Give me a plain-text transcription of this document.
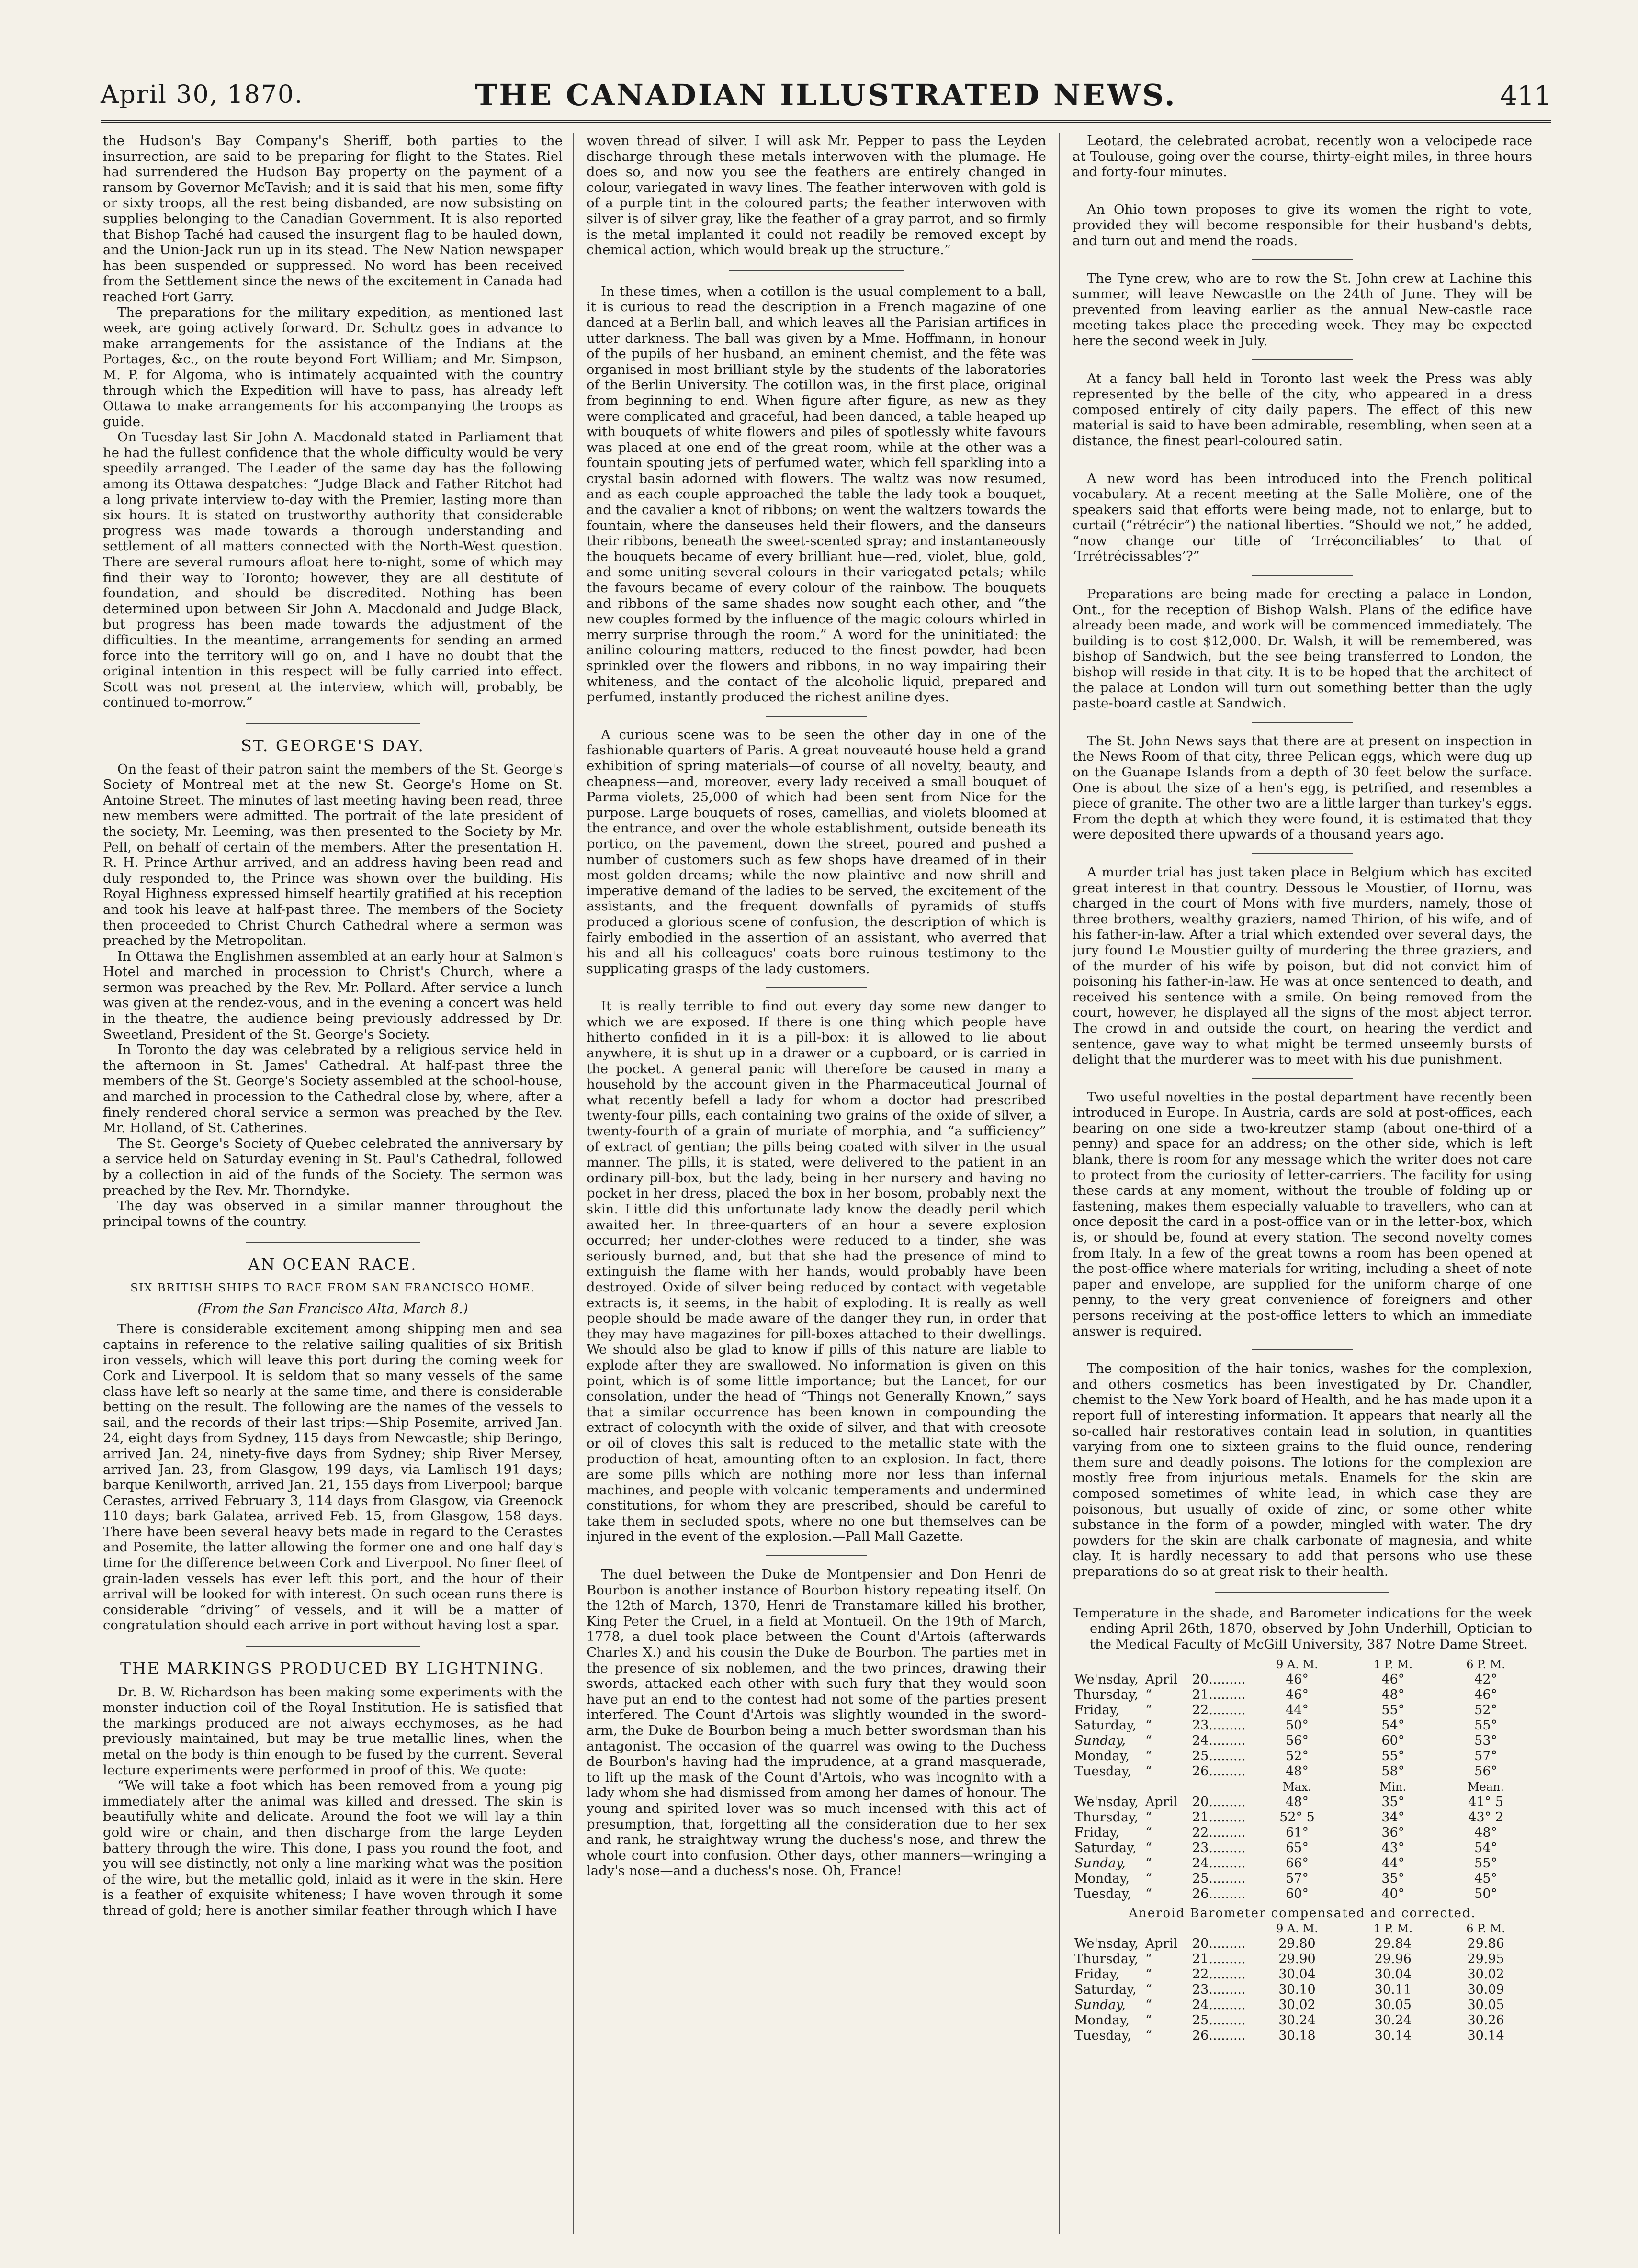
April 30, 1870.	THE CANADIAN ILLUSTRATED NEWS.	411

the Hudson's Bay Company's Sheriff, both parties to the insurrection, are said to be preparing for flight to the States. Riel had surrendered the Hudson Bay property on the payment of a ransom by Governor McTavish; and it is said that his men, some fifty or sixty troops, all the rest being disbanded, are now subsisting on supplies belonging to the Canadian Government. It is also reported that Bishop Taché had caused the insurgent flag to be hauled down, and the Union-Jack run up in its stead. The New Nation newspaper has been suspended or suppressed. No word has been received from the Settlement since the news of the excitement in Canada had reached Fort Garry.

The preparations for the military expedition, as mentioned last week, are going actively forward. Dr. Schultz goes in advance to make arrangements for the assistance of the Indians at the Portages, &c., on the route beyond Fort William; and Mr. Simpson, M. P. for Algoma, who is intimately acquainted with the country through which the Expedition will have to pass, has already left Ottawa to make arrangements for his accompanying the troops as guide.

On Tuesday last Sir John A. Macdonald stated in Parliament that he had the fullest confidence that the whole difficulty would be very speedily arranged. The Leader of the same day has the following among its Ottawa despatches: “Judge Black and Father Ritchot had a long private interview to-day with the Premier, lasting more than six hours. It is stated on trustworthy authority that considerable progress was made towards a thorough understanding and settlement of all matters connected with the North-West question. There are several rumours afloat here to-night, some of which may find their way to Toronto; however, they are all destitute of foundation, and should be discredited. Nothing has been determined upon between Sir John A. Macdonald and Judge Black, but progress has been made towards the adjustment of the difficulties. In the meantime, arrangements for sending an armed force into the territory will go on, and I have no doubt that the original intention in this respect will be fully carried into effect. Scott was not present at the interview, which will, probably, be continued to-morrow.”

ST. GEORGE'S DAY.

On the feast of their patron saint the members of the St. George's Society of Montreal met at the new St. George's Home on St. Antoine Street. The minutes of last meeting having been read, three new members were admitted. The portrait of the late president of the society, Mr. Leeming, was then presented to the Society by Mr. Pell, on behalf of certain of the members. After the presentation H. R. H. Prince Arthur arrived, and an address having been read and duly responded to, the Prince was shown over the building. His Royal Highness expressed himself heartily gratified at his reception and took his leave at half-past three. The members of the Society then proceeded to Christ Church Cathedral where a sermon was preached by the Metropolitan.

In Ottawa the Englishmen assembled at an early hour at Salmon's Hotel and marched in procession to Christ's Church, where a sermon was preached by the Rev. Mr. Pollard. After service a lunch was given at the rendez-vous, and in the evening a concert was held in the theatre, the audience being previously addressed by Dr. Sweetland, President of the St. George's Society.

In Toronto the day was celebrated by a religious service held in the afternoon in St. James' Cathedral. At half-past three the members of the St. George's Society assembled at the school-house, and marched in procession to the Cathedral close by, where, after a finely rendered choral service a sermon was preached by the Rev. Mr. Holland, of St. Catherines.

The St. George's Society of Quebec celebrated the anniversary by a service held on Saturday evening in St. Paul's Cathedral, followed by a collection in aid of the funds of the Society. The sermon was preached by the Rev. Mr. Thorndyke.

The day was observed in a similar manner throughout the principal towns of the country.

AN OCEAN RACE.
SIX BRITISH SHIPS TO RACE FROM SAN FRANCISCO HOME.
(From the San Francisco Alta, March 8.)

There is considerable excitement among shipping men and sea captains in reference to the relative sailing qualities of six British iron vessels, which will leave this port during the coming week for Cork and Liverpool. It is seldom that so many vessels of the same class have left so nearly at the same time, and there is considerable betting on the result. The following are the names of the vessels to sail, and the records of their last trips:—Ship Posemite, arrived Jan. 24, eight days from Sydney, 115 days from Newcastle; ship Beringo, arrived Jan. 24, ninety-five days from Sydney; ship River Mersey, arrived Jan. 23, from Glasgow, 199 days, via Lamlisch 191 days; barque Kenilworth, arrived Jan. 21, 155 days from Liverpool; barque Cerastes, arrived February 3, 114 days from Glasgow, via Greenock 110 days; bark Galatea, arrived Feb. 15, from Glasgow, 158 days. There have been several heavy bets made in regard to the Cerastes and Posemite, the latter allowing the former one and one half day's time for the difference between Cork and Liverpool. No finer fleet of grain-laden vessels has ever left this port, and the hour of their arrival will be looked for with interest. On such ocean runs there is considerable “driving” of vessels, and it will be a matter of congratulation should each arrive in port without having lost a spar.

THE MARKINGS PRODUCED BY LIGHTNING.

Dr. B. W. Richardson has been making some experiments with the monster induction coil of the Royal Institution. He is satisfied that the markings produced are not always ecchymoses, as he had previously maintained, but may be true metallic lines, when the metal on the body is thin enough to be fused by the current. Several lecture experiments were performed in proof of this. We quote:

“We will take a foot which has been removed from a young pig immediately after the animal was killed and dressed. The skin is beautifully white and delicate. Around the foot we will lay a thin gold wire or chain, and then discharge from the large Leyden battery through the wire. This done, I pass you round the foot, and you will see distinctly, not only a line marking what was the position of the wire, but the metallic gold, inlaid as it were in the skin. Here is a feather of exquisite whiteness; I have woven through it some thread of gold; here is another similar feather through which I have

woven thread of silver. I will ask Mr. Pepper to pass the Leyden discharge through these metals interwoven with the plumage. He does so, and now you see the feathers are entirely changed in colour, variegated in wavy lines. The feather interwoven with gold is of a purple tint in the coloured parts; the feather interwoven with silver is of silver gray, like the feather of a gray parrot, and so firmly is the metal implanted it could not readily be removed except by chemical action, which would break up the structure.”

In these times, when a cotillon is the usual complement to a ball, it is curious to read the description in a French magazine of one danced at a Berlin ball, and which leaves all the Parisian artifices in utter darkness. The ball was given by a Mme. Hoffmann, in honour of the pupils of her husband, an eminent chemist, and the fête was organised in most brilliant style by the students of the laboratories of the Berlin University. The cotillon was, in the first place, original from beginning to end. When figure after figure, as new as they were complicated and graceful, had been danced, a table heaped up with bouquets of white flowers and piles of spotlessly white favours was placed at one end of the great room, while at the other was a fountain spouting jets of perfumed water, which fell sparkling into a crystal basin adorned with flowers. The waltz was now resumed, and as each couple approached the table the lady took a bouquet, and the cavalier a knot of ribbons; on went the waltzers towards the fountain, where the danseuses held their flowers, and the danseurs their ribbons, beneath the sweet-scented spray; and instantaneously the bouquets became of every brilliant hue—red, violet, blue, gold, and some uniting several colours in their variegated petals; while the favours became of every colour of the rainbow. The bouquets and ribbons of the same shades now sought each other, and “the new couples formed by the influence of the magic colours whirled in merry surprise through the room.” A word for the uninitiated: the aniline colouring matters, reduced to the finest powder, had been sprinkled over the flowers and ribbons, in no way impairing their whiteness, and the contact of the alcoholic liquid, prepared and perfumed, instantly produced the richest aniline dyes.

A curious scene was to be seen the other day in one of the fashionable quarters of Paris. A great nouveauté house held a grand exhibition of spring materials—of course of all novelty, beauty, and cheapness—and, moreover, every lady received a small bouquet of Parma violets, 25,000 of which had been sent from Nice for the purpose. Large bouquets of roses, camellias, and violets bloomed at the entrance, and over the whole establishment, outside beneath its portico, on the pavement, down the street, poured and pushed a number of customers such as few shops have dreamed of in their most golden dreams; while the now plaintive and now shrill and imperative demand of the ladies to be served, the excitement of the assistants, and the frequent downfalls of pyramids of stuffs produced a glorious scene of confusion, the description of which is fairly embodied in the assertion of an assistant, who averred that his and all his colleagues' coats bore ruinous testimony to the supplicating grasps of the lady customers.

It is really terrible to find out every day some new danger to which we are exposed. If there is one thing which people have hitherto confided in it is a pill-box: it is allowed to lie about anywhere, it is shut up in a drawer or a cupboard, or is carried in the pocket. A general panic will therefore be caused in many a household by the account given in the Pharmaceutical Journal of what recently befell a lady for whom a doctor had prescribed twenty-four pills, each containing two grains of the oxide of silver, a twenty-fourth of a grain of muriate of morphia, and “a sufficiency” of extract of gentian; the pills being coated with silver in the usual manner. The pills, it is stated, were delivered to the patient in an ordinary pill-box, but the lady, being in her nursery and having no pocket in her dress, placed the box in her bosom, probably next the skin. Little did this unfortunate lady know the deadly peril which awaited her. In three-quarters of an hour a severe explosion occurred; her under-clothes were reduced to a tinder, she was seriously burned, and, but that she had the presence of mind to extinguish the flame with her hands, would probably have been destroyed. Oxide of silver being reduced by contact with vegetable extracts is, it seems, in the habit of exploding. It is really as well people should be made aware of the danger they run, in order that they may have magazines for pill-boxes attached to their dwellings. We should also be glad to know if pills of this nature are liable to explode after they are swallowed. No information is given on this point, which is of some little importance; but the Lancet, for our consolation, under the head of “Things not Generally Known,” says that a similar occurrence has been known in compounding the extract of colocynth with the oxide of silver, and that with creosote or oil of cloves this salt is reduced to the metallic state with the production of heat, amounting often to an explosion. In fact, there are some pills which are nothing more nor less than infernal machines, and people with volcanic temperaments and undermined constitutions, for whom they are prescribed, should be careful to take them in secluded spots, where no one but themselves can be injured in the event of the explosion.—Pall Mall Gazette.

The duel between the Duke de Montpensier and Don Henri de Bourbon is another instance of Bourbon history repeating itself. On the 12th of March, 1370, Henri de Transtamare killed his brother, King Peter the Cruel, in a field at Montueil. On the 19th of March, 1778, a duel took place between the Count d'Artois (afterwards Charles X.) and his cousin the Duke de Bourbon. The parties met in the presence of six noblemen, and the two princes, drawing their swords, attacked each other with such fury that they would soon have put an end to the contest had not some of the parties present interfered. The Count d'Artois was slightly wounded in the sword-arm, the Duke de Bourbon being a much better swordsman than his antagonist. The occasion of the quarrel was owing to the Duchess de Bourbon's having had the imprudence, at a grand masquerade, to lift up the mask of the Count d'Artois, who was incognito with a lady whom she had dismissed from among her dames of honour. The young and spirited lover was so much incensed with this act of presumption, that, forgetting all the consideration due to her sex and rank, he straightway wrung the duchess's nose, and threw the whole court into confusion. Other days, other manners—wringing a lady's nose—and a duchess's nose. Oh, France!

Leotard, the celebrated acrobat, recently won a velocipede race at Toulouse, going over the course, thirty-eight miles, in three hours and forty-four minutes.

An Ohio town proposes to give its women the right to vote, provided they will become responsible for their husband's debts, and turn out and mend the roads.

The Tyne crew, who are to row the St. John crew at Lachine this summer, will leave Newcastle on the 24th of June. They will be prevented from leaving earlier as the annual New-castle race meeting takes place the preceding week. They may be expected here the second week in July.

At a fancy ball held in Toronto last week the Press was ably represented by the belle of the city, who appeared in a dress composed entirely of city daily papers. The effect of this new material is said to have been admirable, resembling, when seen at a distance, the finest pearl-coloured satin.

A new word has been introduced into the French political vocabulary. At a recent meeting at the Salle Molière, one of the speakers said that efforts were being made, not to enlarge, but to curtail (“rétrécir”) the national liberties. “Should we not,” he added, “now change our title of ‘Irréconciliables’ to that of ‘Irrétrécissables’?”

Preparations are being made for erecting a palace in London, Ont., for the reception of Bishop Walsh. Plans of the edifice have already been made, and work will be commenced immediately. The building is to cost $12,000. Dr. Walsh, it will be remembered, was bishop of Sandwich, but the see being transferred to London, the bishop will reside in that city. It is to be hoped that the architect of the palace at London will turn out something better than the ugly paste-board castle at Sandwich.

The St. John News says that there are at present on inspection in the News Room of that city, three Pelican eggs, which were dug up on the Guanape Islands from a depth of 30 feet below the surface. One is about the size of a hen's egg, is petrified, and resembles a piece of granite. The other two are a little larger than turkey's eggs. From the depth at which they were found, it is estimated that they were deposited there upwards of a thousand years ago.

A murder trial has just taken place in Belgium which has excited great interest in that country. Dessous le Moustier, of Hornu, was charged in the court of Mons with five murders, namely, those of three brothers, wealthy graziers, named Thirion, of his wife, and of his father-in-law. After a trial which extended over several days, the jury found Le Moustier guilty of murdering the three graziers, and of the murder of his wife by poison, but did not convict him of poisoning his father-in-law. He was at once sentenced to death, and received his sentence with a smile. On being removed from the court, however, he displayed all the signs of the most abject terror. The crowd in and outside the court, on hearing the verdict and sentence, gave way to what might be termed unseemly bursts of delight that the murderer was to meet with his due punishment.

Two useful novelties in the postal department have recently been introduced in Europe. In Austria, cards are sold at post-offices, each bearing on one side a two-kreutzer stamp (about one-third of a penny) and space for an address; on the other side, which is left blank, there is room for any message which the writer does not care to protect from the curiosity of letter-carriers. The facility for using these cards at any moment, without the trouble of folding up or fastening, makes them especially valuable to travellers, who can at once deposit the card in a post-office van or in the letter-box, which is, or should be, found at every station. The second novelty comes from Italy. In a few of the great towns a room has been opened at the post-office where materials for writing, including a sheet of note paper and envelope, are supplied for the uniform charge of one penny, to the very great convenience of foreigners and other persons receiving at the post-office letters to which an immediate answer is required.

The composition of the hair tonics, washes for the complexion, and others cosmetics has been investigated by Dr. Chandler, chemist to the New York board of Health, and he has made upon it a report full of interesting information. It appears that nearly all the so-called hair restoratives contain lead in solution, in quantities varying from one to sixteen grains to the fluid ounce, rendering them sure and deadly poisons. The lotions for the complexion are mostly free from injurious metals. Enamels for the skin are composed sometimes of white lead, in which case they are poisonous, but usually of oxide of zinc, or some other white substance in the form of a powder, mingled with water. The dry powders for the skin are chalk carbonate of magnesia, and white clay. It is hardly necessary to add that persons who use these preparations do so at great risk to their health.

Temperature in the shade, and Barometer indications for the week ending April 26th, 1870, observed by John Underhill, Optician to the Medical Faculty of McGill University, 387 Notre Dame Street.

			9 A. M.	1 P. M.	6 P. M.
We'nsday,	April	20.........	46°	46°	42°
Thursday,	“	21.........	46°	48°	46°
Friday,	“	22.........	44°	55°	52°
Saturday,	“	23.........	50°	54°	55°
Sunday,	“	24.........	56°	60°	53°
Monday,	“	25.........	52°	55°	57°
Tuesday,	“	26.........	48°	58°	56°
			Max.	Min.	Mean.
We'nsday,	April	20.........	48°	35°	41° 5
Thursday,	“	21.........	52° 5	34°	43° 2
Friday,	“	22.........	61°	36°	48°
Saturday,	“	23.........	65°	43°	54°
Sunday,	“	24.........	66°	44°	55°
Monday,	“	25.........	57°	35°	45°
Tuesday,	“	26.........	60°	40°	50°
Aneroid Barometer compensated and corrected.					
			9 A. M.	1 P. M.	6 P. M.
We'nsday,	April	20.........	29.80	29.84	29.86
Thursday,	“	21.........	29.90	29.96	29.95
Friday,	“	22.........	30.04	30.04	30.02
Saturday,	“	23.........	30.10	30.11	30.09
Sunday,	“	24.........	30.02	30.05	30.05
Monday,	“	25.........	30.24	30.24	30.26
Tuesday,	“	26.........	30.18	30.14	30.14
